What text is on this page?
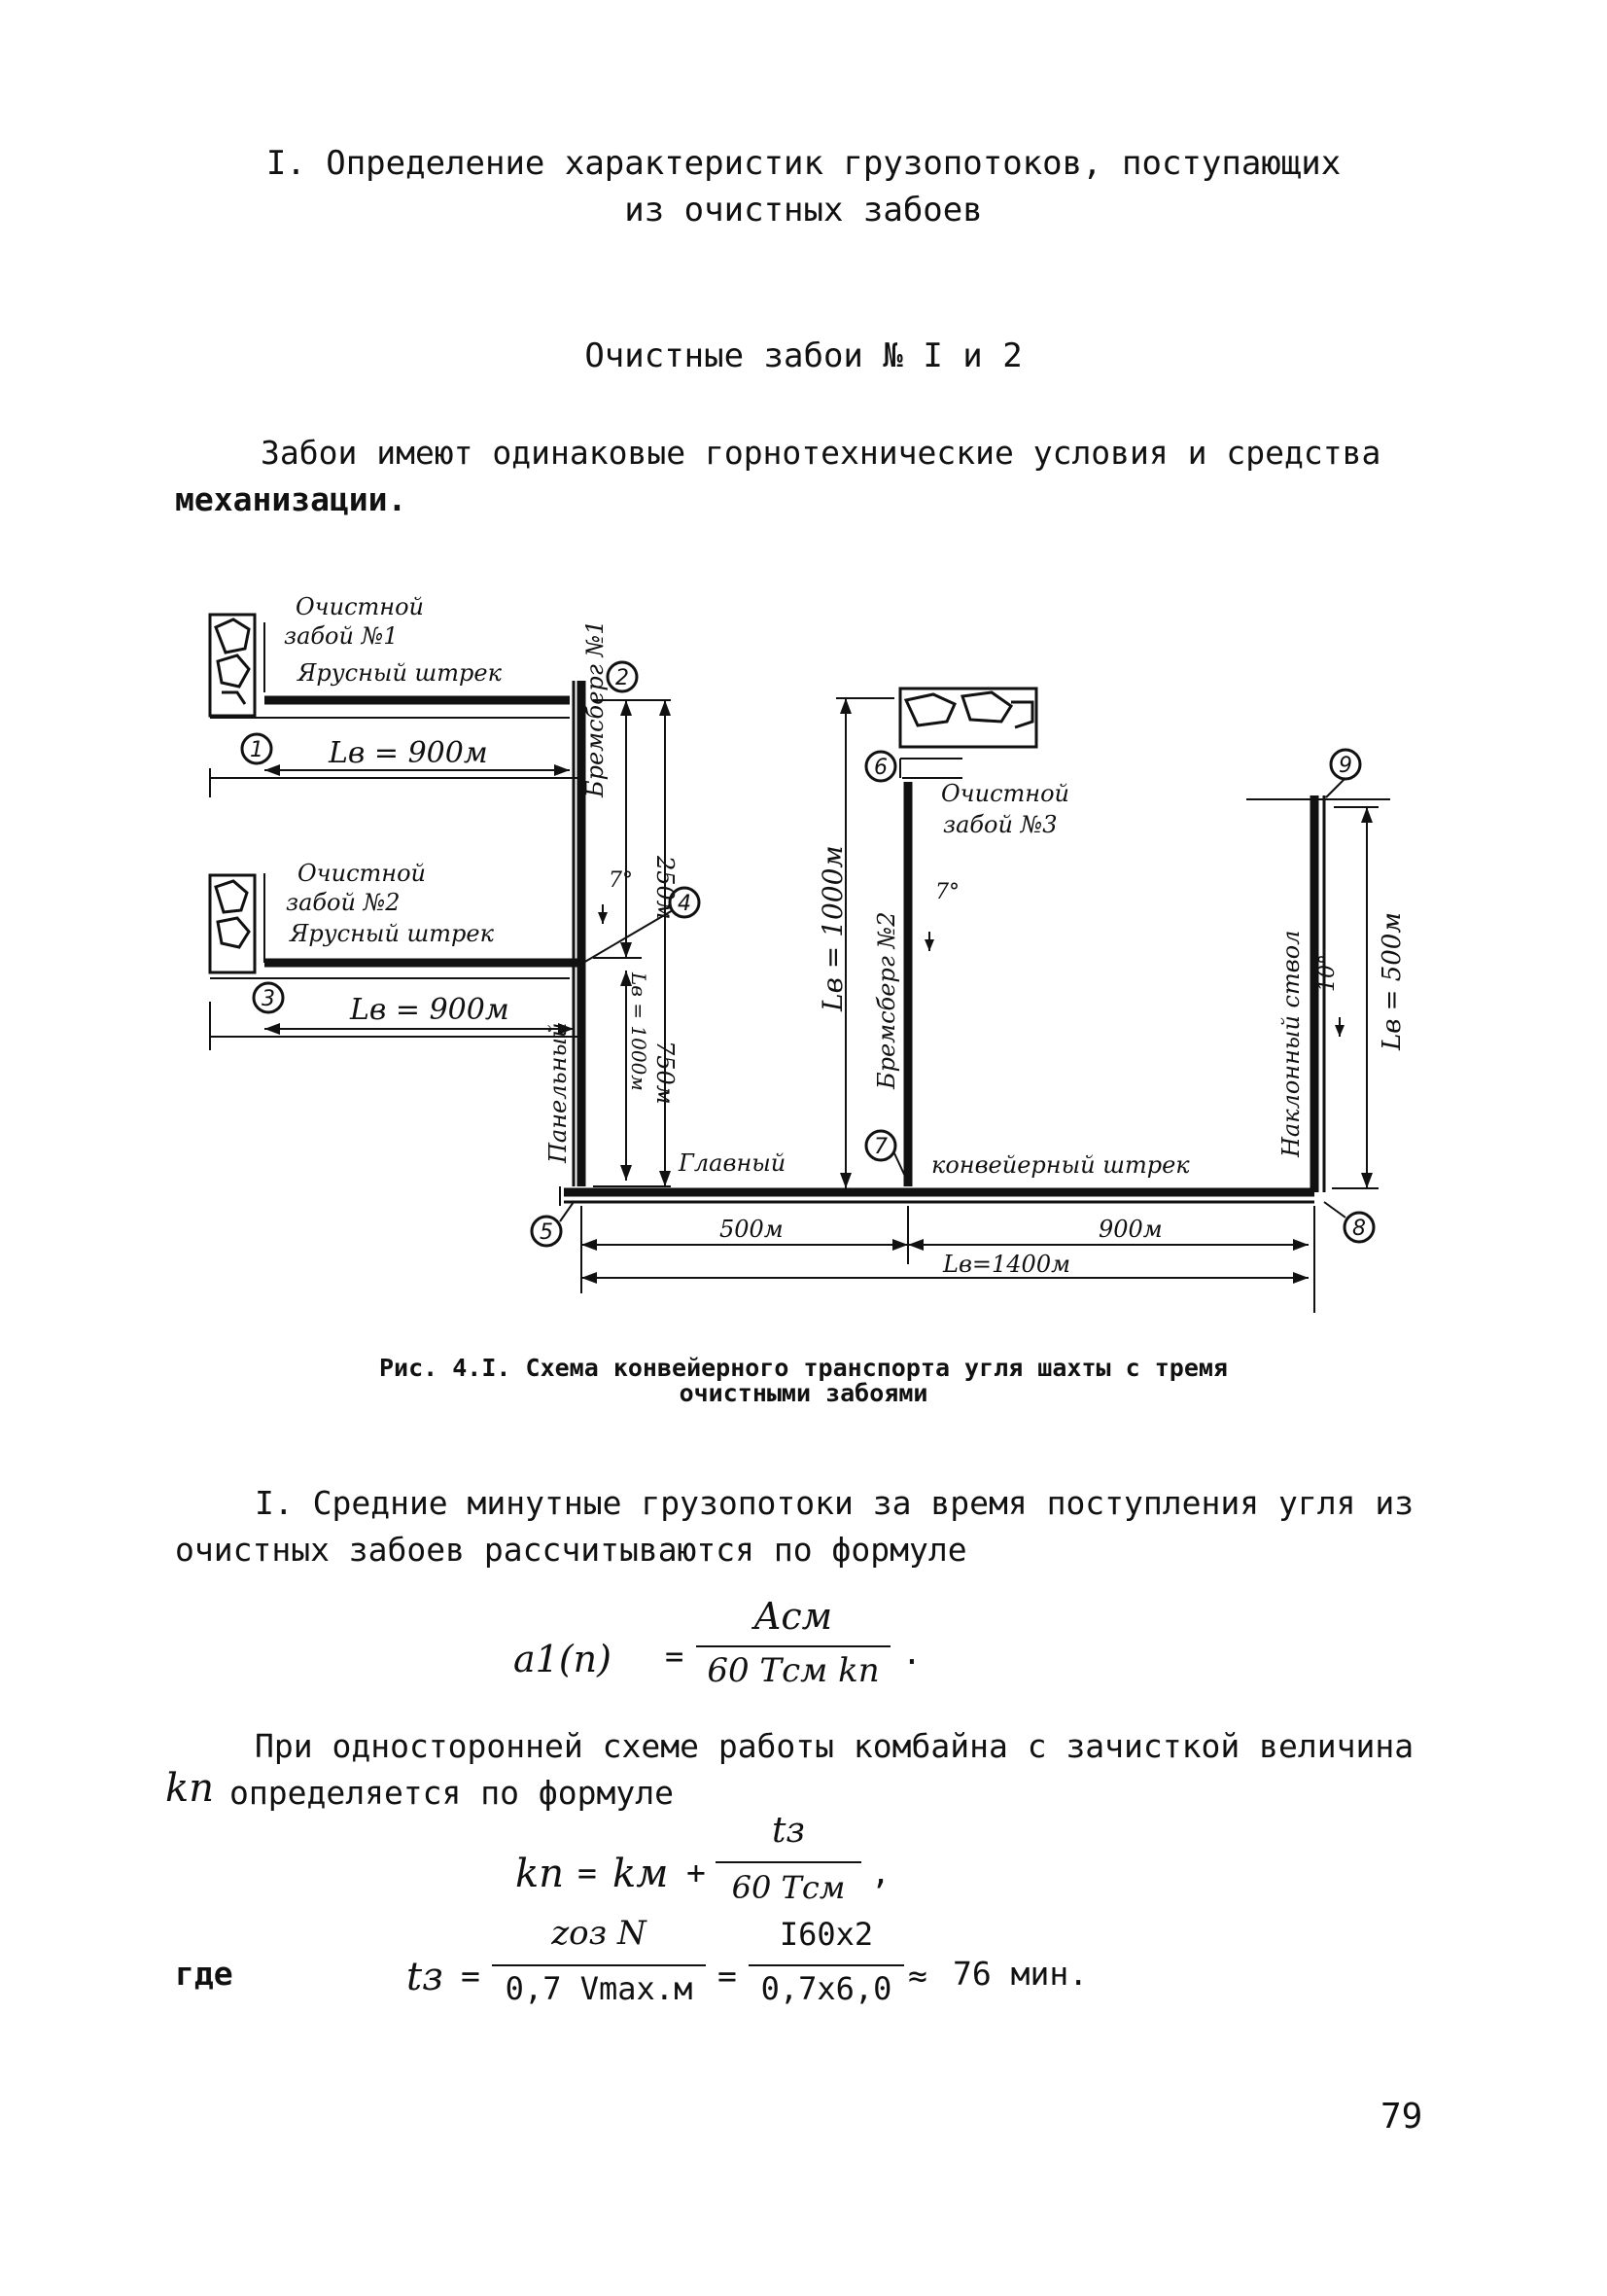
I. Определение характеристик грузопотоков, поступающих
из очистных забоев
Очистные забои № I и 2
Забои имеют одинаковые горнотехнические условия и средства
механизации.
1
2
3
4
5
6
7
8
9
Очистной
забой №1
Ярусный штрек
Lв = 900м
Очистной
забой №2
Ярусный штрек
Lв = 900м
7°
Главный	конвейерный штрек
Очистной
забой №3
7°
500м	900м
Lв=1400м
Бремсберг №1
250м
750м
Lв = 1000м
Панельный
Lв = 1000м Бремсберг №2	Наклонный ствол 10° Lв = 500м
Рис. 4.I. Схема конвейерного транспорта угля шахты с тремя
очистными забоями
I. Средние минутные грузопотоки за время поступления угля из
очистных забоев рассчитываются по формуле
a1(п) =
Aсм
60 Tсм kп .
При односторонней схеме работы комбайна с зачисткой величина
kп определяется по формуле
kп = kм +
tз
60 Tсм ,
где	tз =
zоз N
0,7 Vmax.м =
I60x2
0,7x6,0 ≈ 76 мин.
79
